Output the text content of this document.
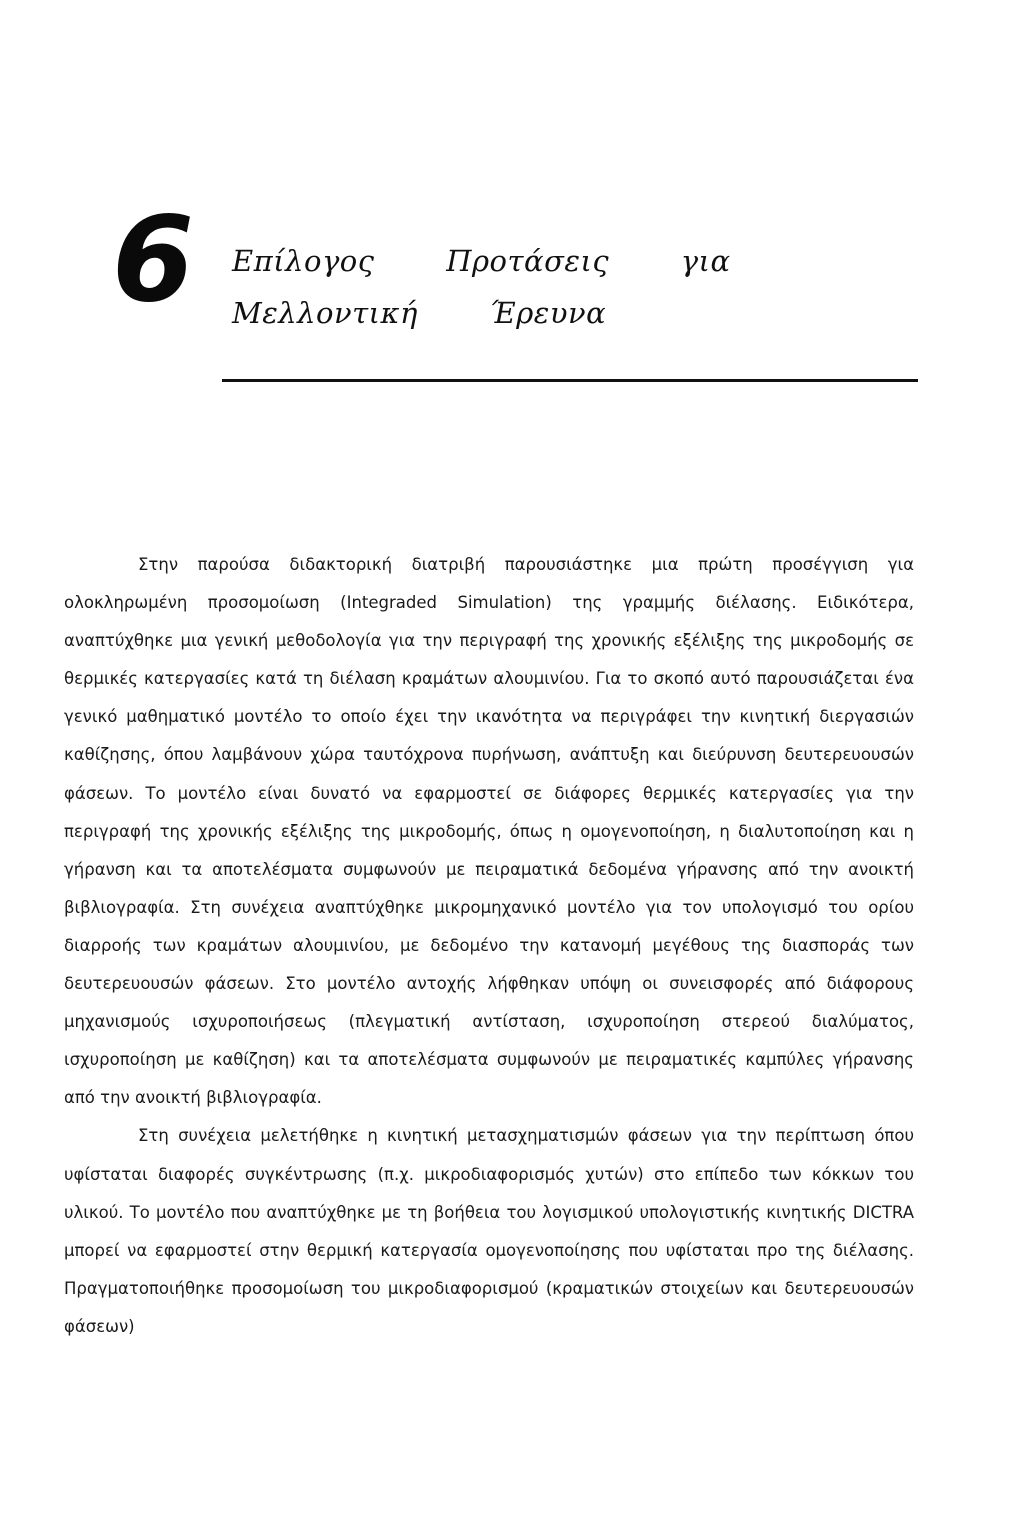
6 Επίλογος Προτάσεις για Μελλοντική Έρευνα

Στην παρούσα διδακτορική διατριβή παρουσιάστηκε μια πρώτη προσέγγιση για ολοκληρωμένη προσομοίωση (Integraded Simulation) της γραμμής διέλασης. Ειδικότερα, αναπτύχθηκε μια γενική μεθοδολογία για την περιγραφή της χρονικής εξέλιξης της μικροδομής σε θερμικές κατεργασίες κατά τη διέλαση κραμάτων αλουμινίου. Για το σκοπό αυτό παρουσιάζεται ένα γενικό μαθηματικό μοντέλο το οποίο έχει την ικανότητα να περιγράφει την κινητική διεργασιών καθίζησης, όπου λαμβάνουν χώρα ταυτόχρονα πυρήνωση, ανάπτυξη και διεύρυνση δευτερευουσών φάσεων. Το μοντέλο είναι δυνατό να εφαρμοστεί σε διάφορες θερμικές κατεργασίες για την περιγραφή της χρονικής εξέλιξης της μικροδομής, όπως η ομογενοποίηση, η διαλυτοποίηση και η γήρανση και τα αποτελέσματα συμφωνούν με πειραματικά δεδομένα γήρανσης από την ανοικτή βιβλιογραφία. Στη συνέχεια αναπτύχθηκε μικρομηχανικό μοντέλο για τον υπολογισμό του ορίου διαρροής των κραμάτων αλουμινίου, με δεδομένο την κατανομή μεγέθους της διασποράς των δευτερευουσών φάσεων. Στο μοντέλο αντοχής λήφθηκαν υπόψη οι συνεισφορές από διάφορους μηχανισμούς ισχυροποιήσεως (πλεγματική αντίσταση, ισχυροποίηση στερεού διαλύματος, ισχυροποίηση με καθίζηση) και τα αποτελέσματα συμφωνούν με πειραματικές καμπύλες γήρανσης από την ανοικτή βιβλιογραφία.

Στη συνέχεια μελετήθηκε η κινητική μετασχηματισμών φάσεων για την περίπτωση όπου υφίσταται διαφορές συγκέντρωσης (π.χ. μικροδιαφορισμός χυτών) στο επίπεδο των κόκκων του υλικού. Το μοντέλο που αναπτύχθηκε με τη βοήθεια του λογισμικού υπολογιστικής κινητικής DICTRA μπορεί να εφαρμοστεί στην θερμική κατεργασία ομογενοποίησης που υφίσταται προ της διέλασης. Πραγματοποιήθηκε προσομοίωση του μικροδιαφορισμού (κραματικών στοιχείων και δευτερευουσών φάσεων)
